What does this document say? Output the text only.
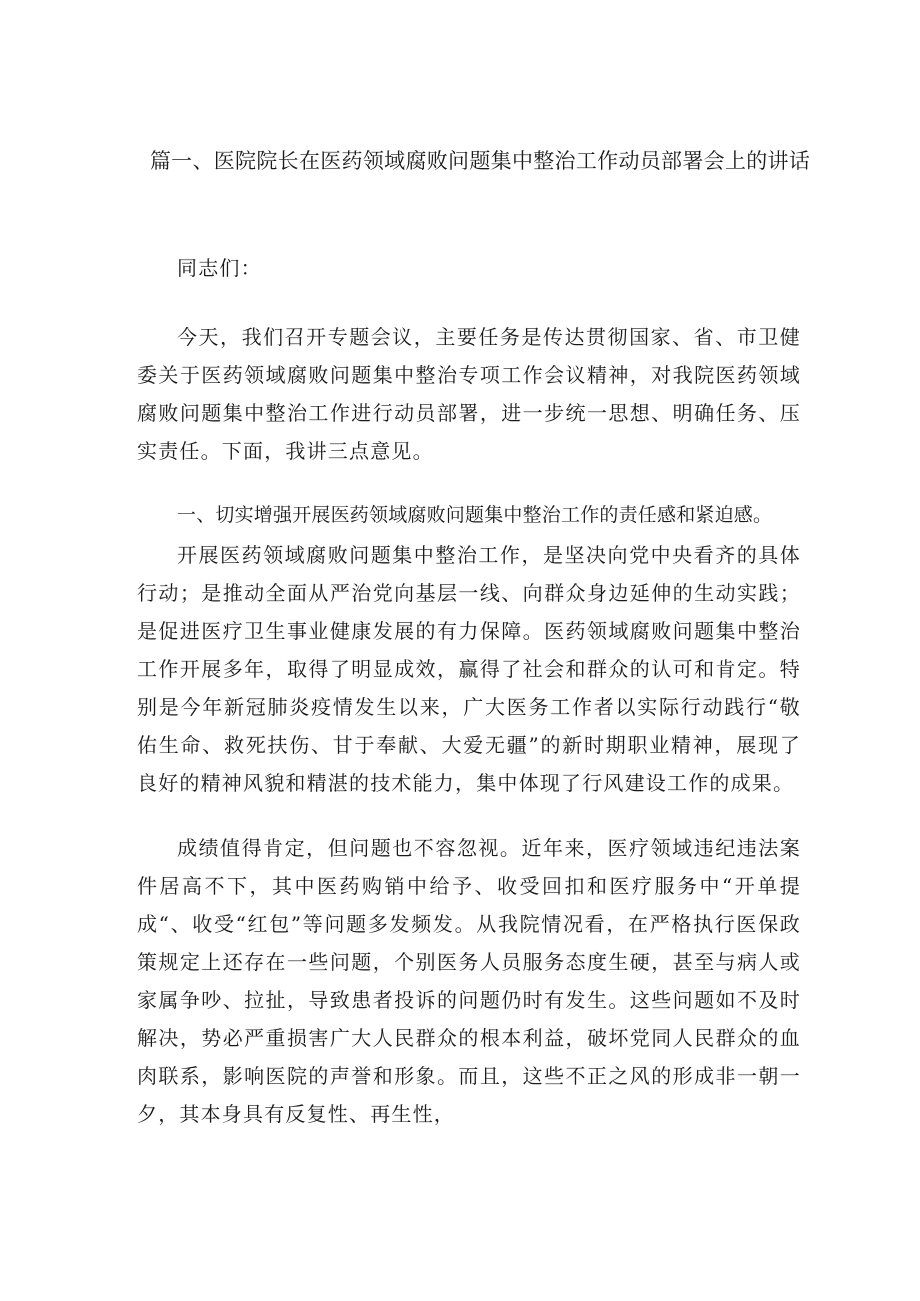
篇一、医院院长在医药领域腐败问题集中整治工作动员部署会上的讲话

同志们：

今天，我们召开专题会议，主要任务是传达贯彻国家、省、市卫健委关于医药领域腐败问题集中整治专项工作会议精神，对我院医药领域腐败问题集中整治工作进行动员部署，进一步统一思想、明确任务、压实责任。下面，我讲三点意见。

一、切实增强开展医药领域腐败问题集中整治工作的责任感和紧迫感。

开展医药领域腐败问题集中整治工作，是坚决向党中央看齐的具体行动；是推动全面从严治党向基层一线、向群众身边延伸的生动实践；是促进医疗卫生事业健康发展的有力保障。医药领域腐败问题集中整治工作开展多年，取得了明显成效，赢得了社会和群众的认可和肯定。特别是今年新冠肺炎疫情发生以来，广大医务工作者以实际行动践行“敬佑生命、救死扶伤、甘于奉献、大爱无疆”的新时期职业精神，展现了良好的精神风貌和精湛的技术能力，集中体现了行风建设工作的成果。

成绩值得肯定，但问题也不容忽视。近年来，医疗领域违纪违法案件居高不下，其中医药购销中给予、收受回扣和医疗服务中“开单提成“、收受“红包”等问题多发频发。从我院情况看，在严格执行医保政策规定上还存在一些问题，个别医务人员服务态度生硬，甚至与病人或家属争吵、拉扯，导致患者投诉的问题仍时有发生。这些问题如不及时解决，势必严重损害广大人民群众的根本利益，破坏党同人民群众的血肉联系，影响医院的声誉和形象。而且，这些不正之风的形成非一朝一夕，其本身具有反复性、再生性，
